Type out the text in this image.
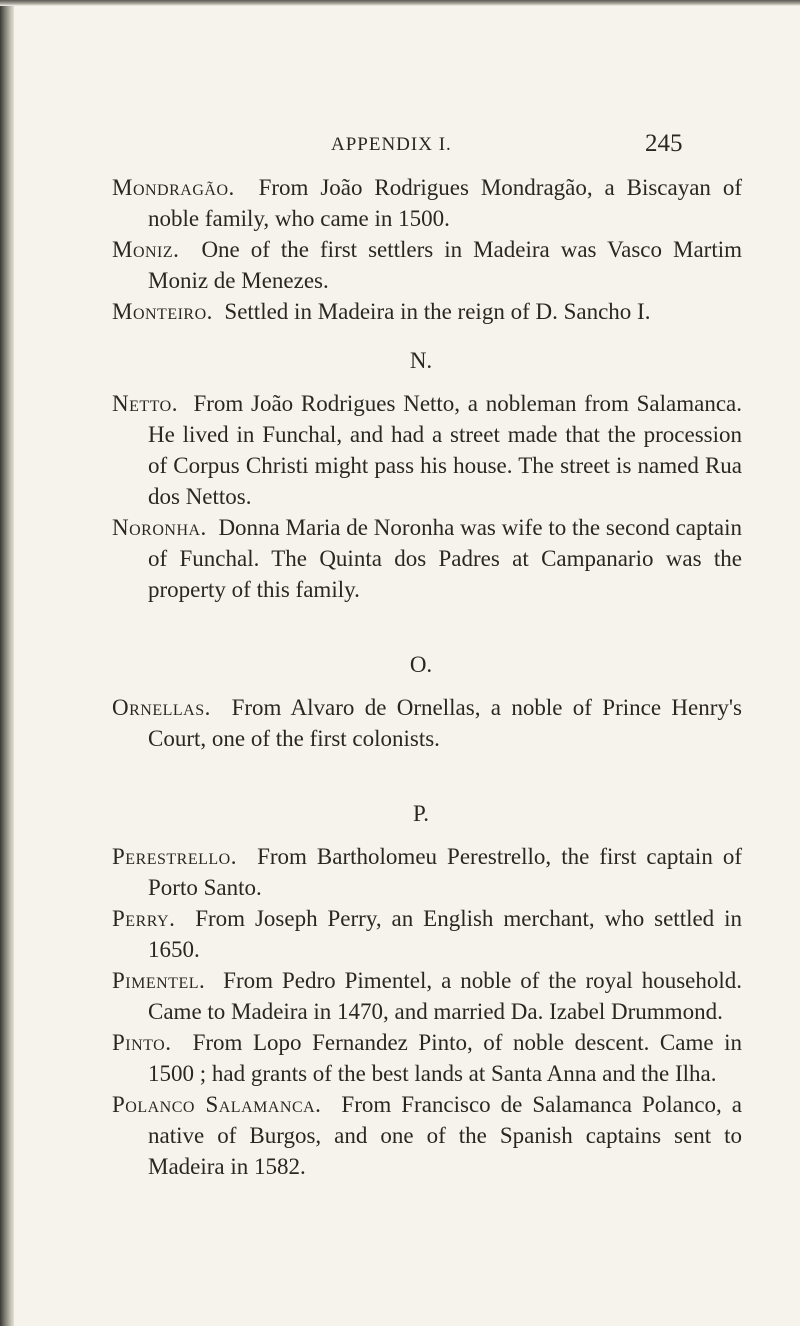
APPENDIX I.	245
Mondragão. From João Rodrigues Mondragão, a Biscayan of noble family, who came in 1500.
Moniz. One of the first settlers in Madeira was Vasco Martim Moniz de Menezes.
Monteiro. Settled in Madeira in the reign of D. Sancho I.
N.
Netto. From João Rodrigues Netto, a nobleman from Salamanca. He lived in Funchal, and had a street made that the procession of Corpus Christi might pass his house. The street is named Rua dos Nettos.
Noronha. Donna Maria de Noronha was wife to the second captain of Funchal. The Quinta dos Padres at Campanario was the property of this family.
O.
Ornellas. From Alvaro de Ornellas, a noble of Prince Henry's Court, one of the first colonists.
P.
Perestrello. From Bartholomeu Perestrello, the first captain of Porto Santo.
Perry. From Joseph Perry, an English merchant, who settled in 1650.
Pimentel. From Pedro Pimentel, a noble of the royal household. Came to Madeira in 1470, and married Da. Izabel Drummond.
Pinto. From Lopo Fernandez Pinto, of noble descent. Came in 1500 ; had grants of the best lands at Santa Anna and the Ilha.
Polanco Salamanca. From Francisco de Salamanca Polanco, a native of Burgos, and one of the Spanish captains sent to Madeira in 1582.
